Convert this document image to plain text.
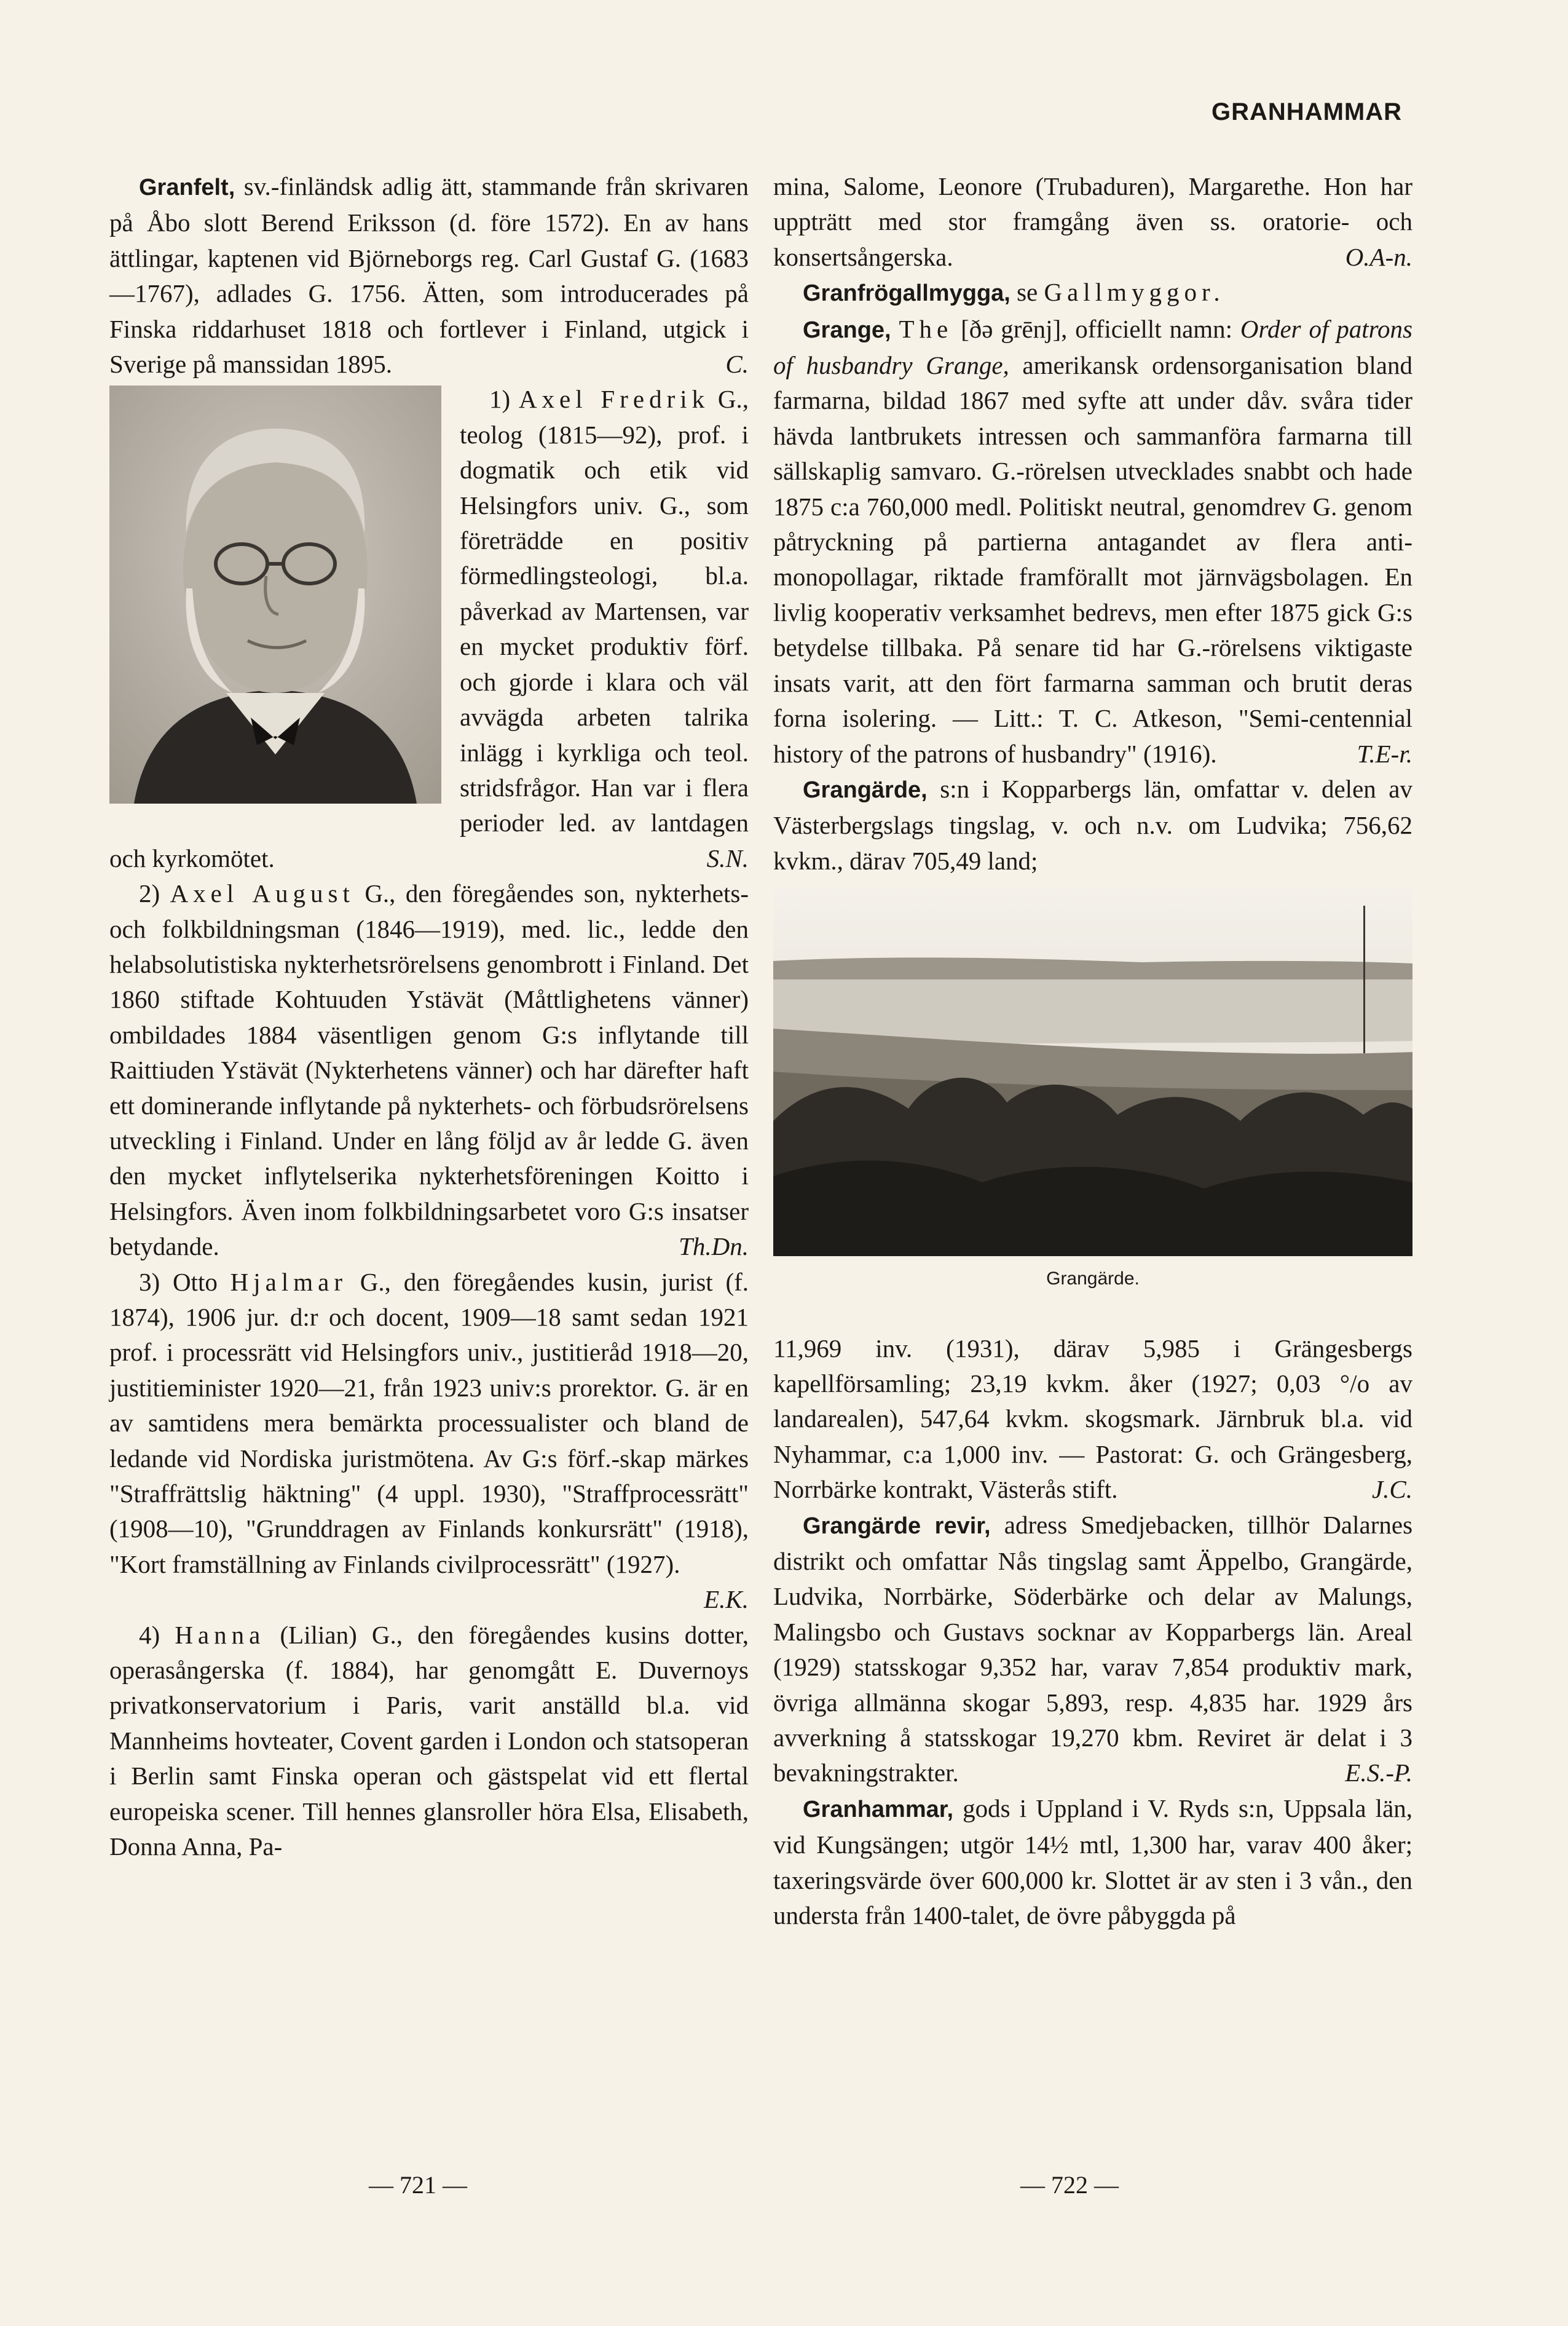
GRANHAMMAR

Granfelt, sv.-finländsk adlig ätt, stammande från skrivaren på Åbo slott Berend Eriksson (d. före 1572). En av hans ättlingar, kaptenen vid Björneborgs reg. Carl Gustaf G. (1683—1767), adlades G. 1756. Ätten, som introducerades på Finska riddarhuset 1818 och fortlever i Finland, utgick i Sverige på manssidan 1895.	C.

1) Axel Fredrik G., teolog (1815—92), prof. i dogmatik och etik vid Helsingfors univ. G., som företrädde en positiv förmedlingsteologi, bl.a. påverkad av Martensen, var en mycket produktiv förf. och gjorde i klara och väl avvägda arbeten talrika inlägg i kyrkliga och teol. stridsfrågor. Han var i flera perioder led. av lantdagen och kyrkomötet.	S.N.

2) Axel August G., den föregåendes son, nykterhets- och folkbildningsman (1846—1919), med. lic., ledde den helabsolutistiska nykterhetsrörelsens genombrott i Finland. Det 1860 stiftade Kohtuuden Ystävät (Måttlighetens vänner) ombildades 1884 väsentligen genom G:s inflytande till Raittiuden Ystävät (Nykterhetens vänner) och har därefter haft ett dominerande inflytande på nykterhets- och förbudsrörelsens utveckling i Finland. Under en lång följd av år ledde G. även den mycket inflytelserika nykterhetsföreningen Koitto i Helsingfors. Även inom folkbildningsarbetet voro G:s insatser betydande.	Th.Dn.

3) Otto Hjalmar G., den föregåendes kusin, jurist (f. 1874), 1906 jur. d:r och docent, 1909—18 samt sedan 1921 prof. i processrätt vid Helsingfors univ., justitieråd 1918—20, justitieminister 1920—21, från 1923 univ:s prorektor. G. är en av samtidens mera bemärkta processualister och bland de ledande vid Nordiska juristmötena. Av G:s förf.-skap märkes "Straffrättslig häktning" (4 uppl. 1930), "Straffprocessrätt" (1908—10), "Grunddragen av Finlands konkursrätt" (1918), "Kort framställning av Finlands civilprocessrätt" (1927).
E.K.

4) Hanna (Lilian) G., den föregåendes kusins dotter, operasångerska (f. 1884), har genomgått E. Duvernoys privatkonservatorium i Paris, varit anställd bl.a. vid Mannheims hovteater, Covent garden i London och statsoperan i Berlin samt Finska operan och gästspelat vid ett flertal europeiska scener. Till hennes glansroller höra Elsa, Elisabeth, Donna Anna, Pa-

mina, Salome, Leonore (Trubaduren), Margarethe. Hon har uppträtt med stor framgång även ss. oratorie- och konsertsångerska.	O.A-n.

Granfrögallmygga, se Gallmyggor.

Grange, The [ðə grēnj], officiellt namn: Order of patrons of husbandry Grange, amerikansk ordensorganisation bland farmarna, bildad 1867 med syfte att under dåv. svåra tider hävda lantbrukets intressen och sammanföra farmarna till sällskaplig samvaro. G.-rörelsen utvecklades snabbt och hade 1875 c:a 760,000 medl. Politiskt neutral, genomdrev G. genom påtryckning på partierna antagandet av flera anti-monopollagar, riktade framförallt mot järnvägsbolagen. En livlig kooperativ verksamhet bedrevs, men efter 1875 gick G:s betydelse tillbaka. På senare tid har G.-rörelsens viktigaste insats varit, att den fört farmarna samman och brutit deras forna isolering. — Litt.: T. C. Atkeson, "Semi-centennial history of the patrons of husbandry" (1916).	T.E-r.

Grangärde, s:n i Kopparbergs län, omfattar v. delen av Västerbergslags tingslag, v. och n.v. om Ludvika; 756,62 kvkm., därav 705,49 land;

Grangärde.

11,969 inv. (1931), därav 5,985 i Grängesbergs kapellförsamling; 23,19 kvkm. åker (1927; 0,03 °/o av landarealen), 547,64 kvkm. skogsmark. Järnbruk bl.a. vid Nyhammar, c:a 1,000 inv. — Pastorat: G. och Grängesberg, Norrbärke kontrakt, Västerås stift.	J.C.

Grangärde revir, adress Smedjebacken, tillhör Dalarnes distrikt och omfattar Nås tingslag samt Äppelbo, Grangärde, Ludvika, Norrbärke, Söderbärke och delar av Malungs, Malingsbo och Gustavs socknar av Kopparbergs län. Areal (1929) statsskogar 9,352 har, varav 7,854 produktiv mark, övriga allmänna skogar 5,893, resp. 4,835 har. 1929 års avverkning å statsskogar 19,270 kbm. Reviret är delat i 3 bevakningstrakter.	E.S.-P.

Granhammar, gods i Uppland i V. Ryds s:n, Uppsala län, vid Kungsängen; utgör 14½ mtl, 1,300 har, varav 400 åker; taxeringsvärde över 600,000 kr. Slottet är av sten i 3 vån., den understa från 1400-talet, de övre påbyggda på

— 721 —	— 722 —
